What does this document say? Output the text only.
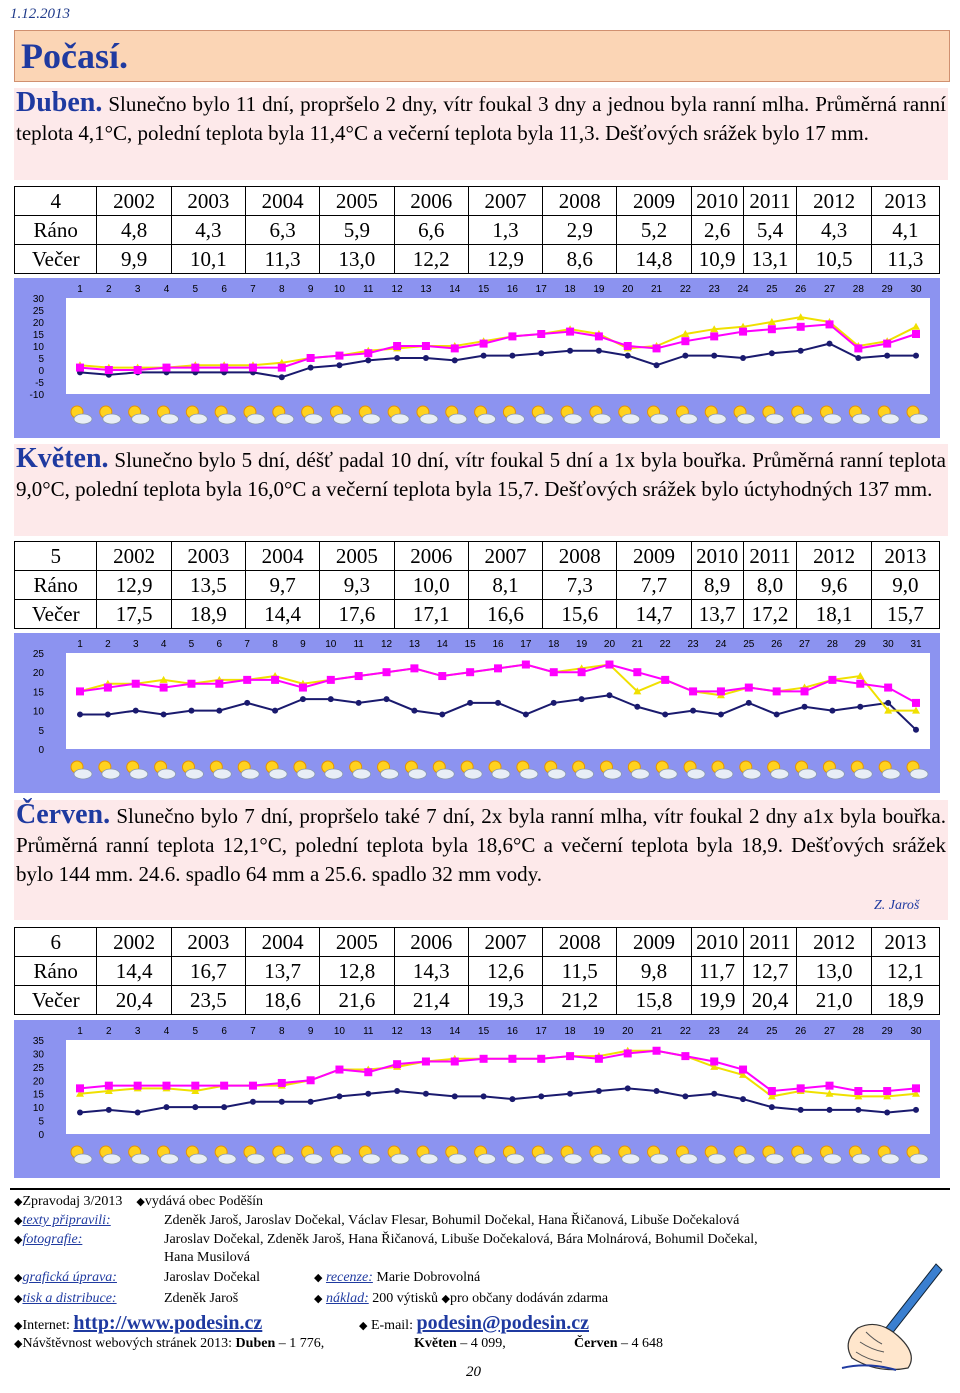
1.12.2013
Počasí.
Duben. Slunečno bylo 11 dní, propršelo 2 dny, vítr foukal 3 dny a jednou byla ranní mlha. Průměrná ranní teplota 4,1°C, polední teplota byla 11,4°C a večerní teplota byla 11,3. Dešťových srážek bylo 17 mm.
4	2002	2003	2004	2005	2006	2007	2008	2009	2010	2011	2012	2013
Ráno	4,8	4,3	6,3	5,9	6,6	1,3	2,9	5,2	2,6	5,4	4,3	4,1
Večer	9,9	10,1	11,3	13,0	12,2	12,9	8,6	14,8	10,9	13,1	10,5	11,3
30
25
20
15
10
5
0
-5
-10
1 2 3 4 5 6 7 8 9 10 11 12 13 14 15 16 17 18 19 20 21 22 23 24 25 26 27 28 29 30
Květen. Slunečno bylo 5 dní, déšť padal 10 dní, vítr foukal 5 dní a 1x byla bouřka. Průměrná ranní teplota 9,0°C, polední teplota byla 16,0°C a večerní teplota byla 15,7. Dešťových srážek bylo úctyhodných 137 mm.
5	2002	2003	2004	2005	2006	2007	2008	2009	2010	2011	2012	2013
Ráno	12,9	13,5	9,7	9,3	10,0	8,1	7,3	7,7	8,9	8,0	9,6	9,0
Večer	17,5	18,9	14,4	17,6	17,1	16,6	15,6	14,7	13,7	17,2	18,1	15,7
25
20
15
10
5
0
1 2 3 4 5 6 7 8 9 10 11 12 13 14 15 16 17 18 19 20 21 22 23 24 25 26 27 28 29 30 31
Červen. Slunečno bylo 7 dní, propršelo také 7 dní, 2x byla ranní mlha, vítr foukal 2 dny a1x byla bouřka. Průměrná ranní teplota 12,1°C, polední teplota byla 18,6°C a večerní teplota byla 18,9. Dešťových srážek bylo 144 mm. 24.6. spadlo 64 mm a 25.6. spadlo 32 mm vody.
Z. Jaroš
6	2002	2003	2004	2005	2006	2007	2008	2009	2010	2011	2012	2013
Ráno	14,4	16,7	13,7	12,8	14,3	12,6	11,5	9,8	11,7	12,7	13,0	12,1
Večer	20,4	23,5	18,6	21,6	21,4	19,3	21,2	15,8	19,9	20,4	21,0	18,9
35
30
25
20
15
10
5
0
1 2 3 4 5 6 7 8 9 10 11 12 13 14 15 16 17 18 19 20 21 22 23 24 25 26 27 28 29 30
◆Zpravodaj 3/2013 ◆vydává obec Poděšín
◆texty připravili:	Zdeněk Jaroš, Jaroslav Dočekal, Václav Flesar, Bohumil Dočekal, Hana Řičanová, Libuše Dočekalová
◆fotografie:	Jaroslav Dočekal, Zdeněk Jaroš, Hana Řičanová, Libuše Dočekalová, Bára Molnárová, Bohumil Dočekal,
Hana Musilová
◆grafická úprava:	Jaroslav Dočekal	◆ recenze: Marie Dobrovolná
◆tisk a distribuce:	Zdeněk Jaroš	◆ náklad: 200 výtisků ◆pro občany dodáván zdarma
◆Internet: http://www.podesin.cz	◆ E-mail: podesin@podesin.cz
◆Návštěvnost webových stránek 2013: Duben – 1 776,	Květen – 4 099,	Červen – 4 648
20
